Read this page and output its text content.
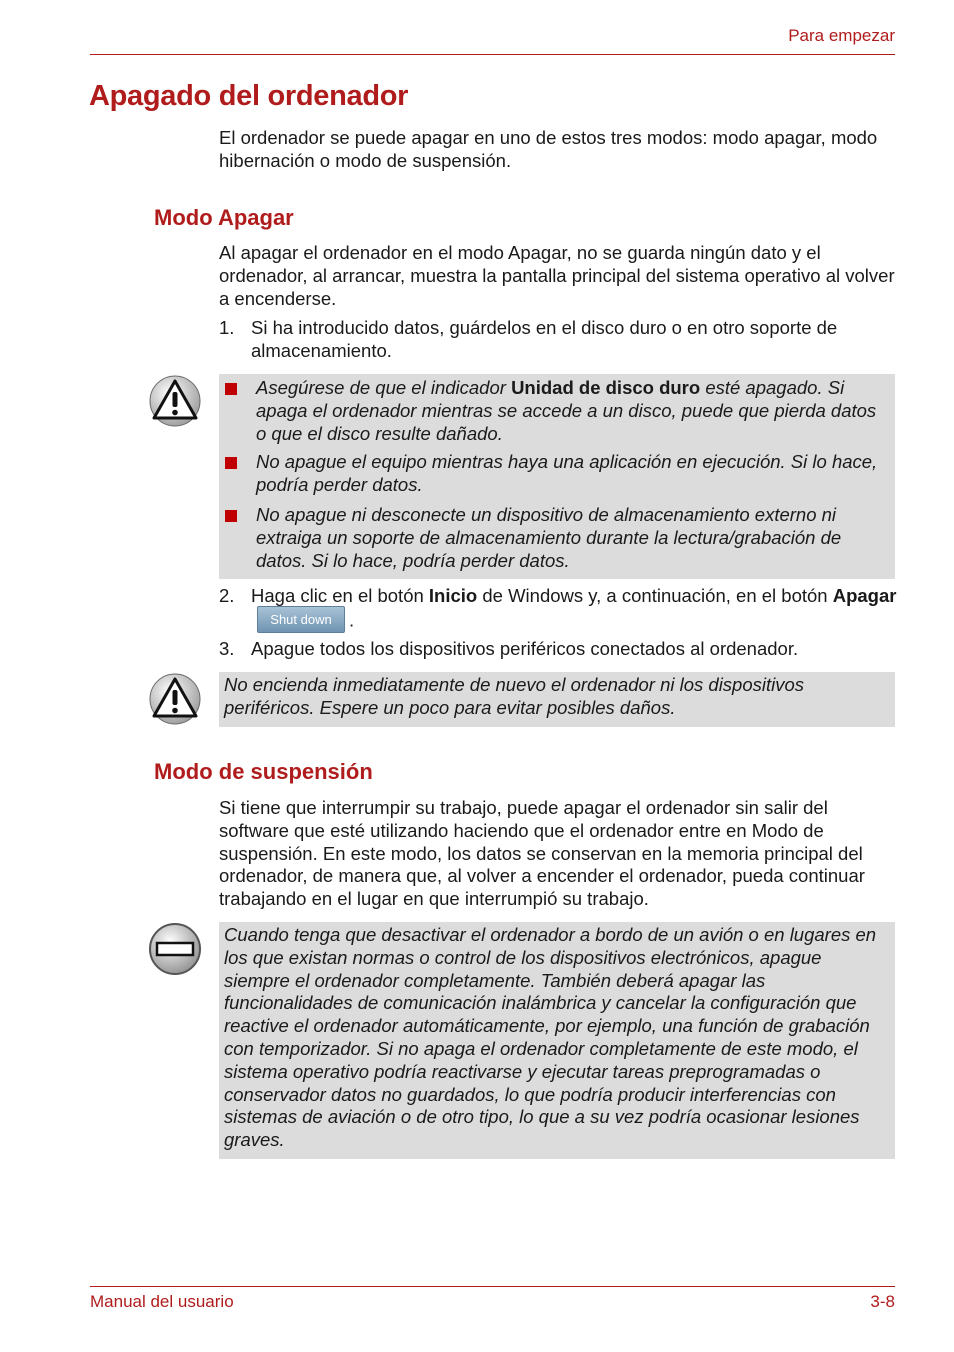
Para empezar
Apagado del ordenador
El ordenador se puede apagar en uno de estos tres modos: modo apagar, modo hibernación o modo de suspensión.
Modo Apagar
Al apagar el ordenador en el modo Apagar, no se guarda ningún dato y el ordenador, al arrancar, muestra la pantalla principal del sistema operativo al volver a encenderse.
1. Si ha introducido datos, guárdelos en el disco duro o en otro soporte de almacenamiento.
Asegúrese de que el indicador Unidad de disco duro esté apagado. Si apaga el ordenador mientras se accede a un disco, puede que pierda datos o que el disco resulte dañado.
No apague el equipo mientras haya una aplicación en ejecución. Si lo hace, podría perder datos.
No apague ni desconecte un dispositivo de almacenamiento externo ni extraiga un soporte de almacenamiento durante la lectura/grabación de datos. Si lo hace, podría perder datos.
2. Haga clic en el botón Inicio de Windows y, a continuación, en el botón ApagarShut down .
3. Apague todos los dispositivos periféricos conectados al ordenador.
No encienda inmediatamente de nuevo el ordenador ni los dispositivos periféricos. Espere un poco para evitar posibles daños.
Modo de suspensión
Si tiene que interrumpir su trabajo, puede apagar el ordenador sin salir del software que esté utilizando haciendo que el ordenador entre en Modo de suspensión. En este modo, los datos se conservan en la memoria principal del ordenador, de manera que, al volver a encender el ordenador, pueda continuar trabajando en el lugar en que interrumpió su trabajo.
Cuando tenga que desactivar el ordenador a bordo de un avión o en lugares en los que existan normas o control de los dispositivos electrónicos, apague siempre el ordenador completamente. También deberá apagar las funcionalidades de comunicación inalámbrica y cancelar la configuración que reactive el ordenador automáticamente, por ejemplo, una función de grabación con temporizador. Si no apaga el ordenador completamente de este modo, el sistema operativo podría reactivarse y ejecutar tareas preprogramadas o conservador datos no guardados, lo que podría producir interferencias con sistemas de aviación o de otro tipo, lo que a su vez podría ocasionar lesiones graves.
Manual del usuario	3-8
